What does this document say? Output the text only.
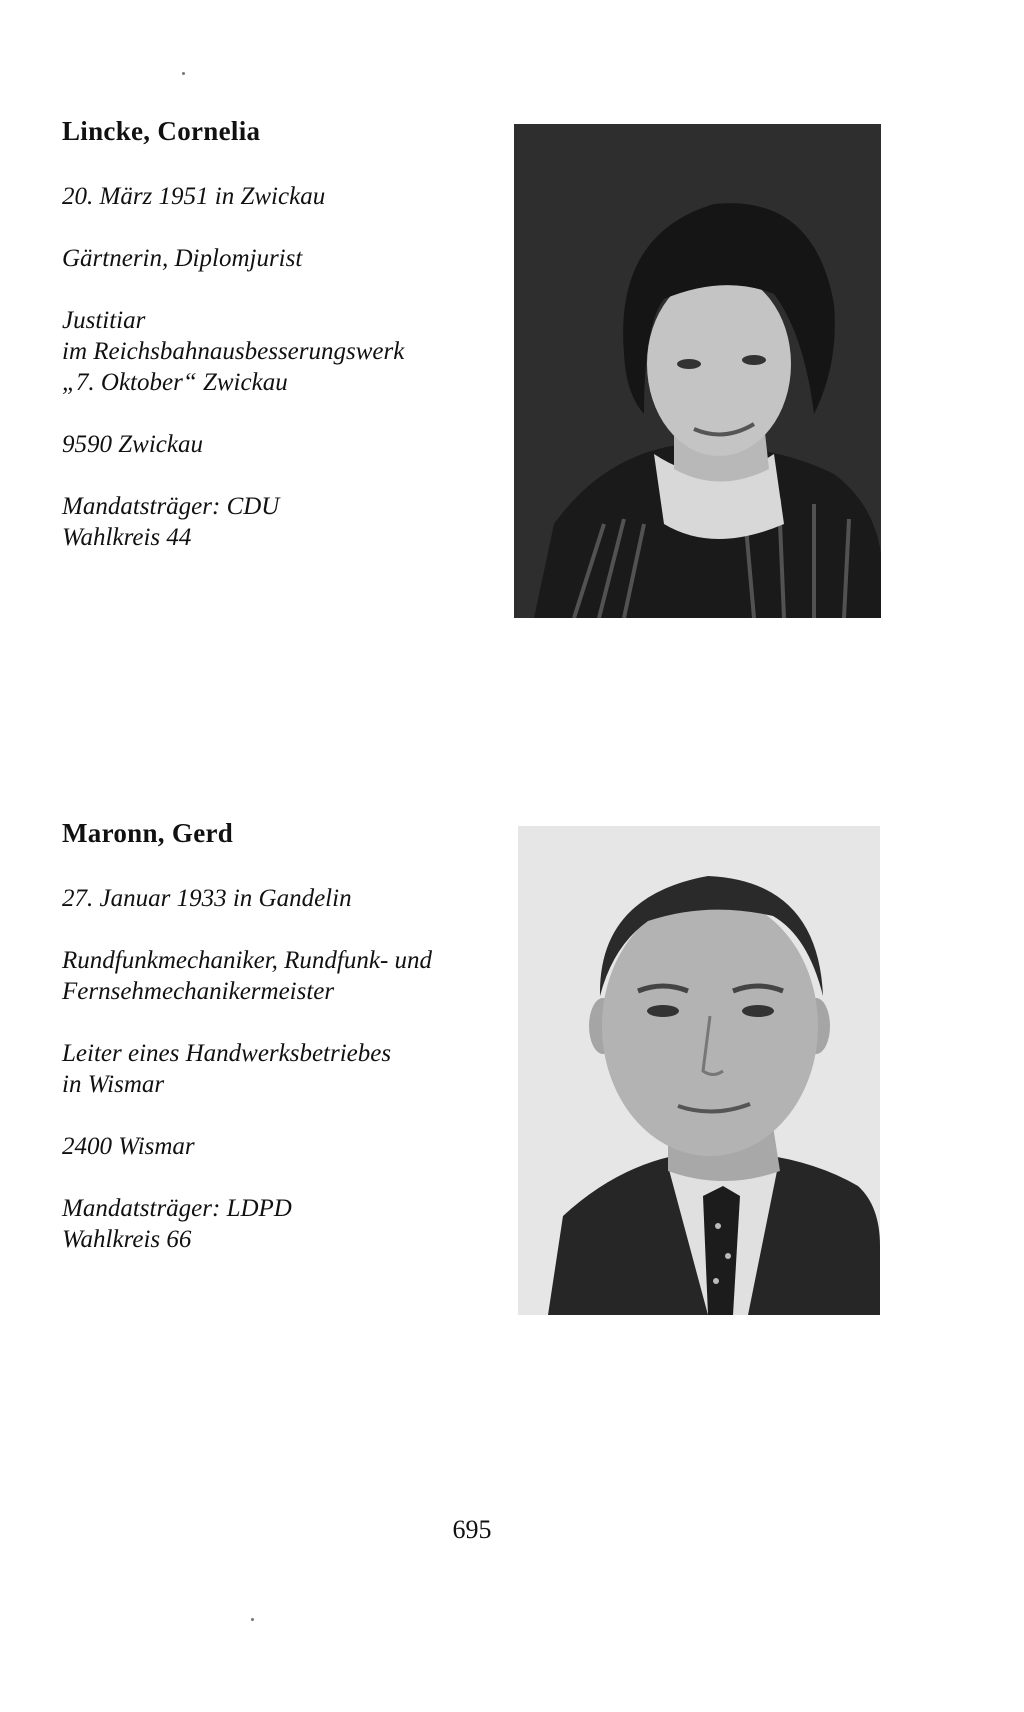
Lincke, Cornelia
20. März 1951 in Zwickau
Gärtnerin, Diplomjurist
Justitiar
im Reichsbahnausbesserungswerk
„7. Oktober“ Zwickau
9590 Zwickau
Mandatsträger: CDU
Wahlkreis 44
Maronn, Gerd
27. Januar 1933 in Gandelin
Rundfunkmechaniker, Rundfunk- und
Fernsehmechanikermeister
Leiter eines Handwerksbetriebes
in Wismar
2400 Wismar
Mandatsträger: LDPD
Wahlkreis 66
695
